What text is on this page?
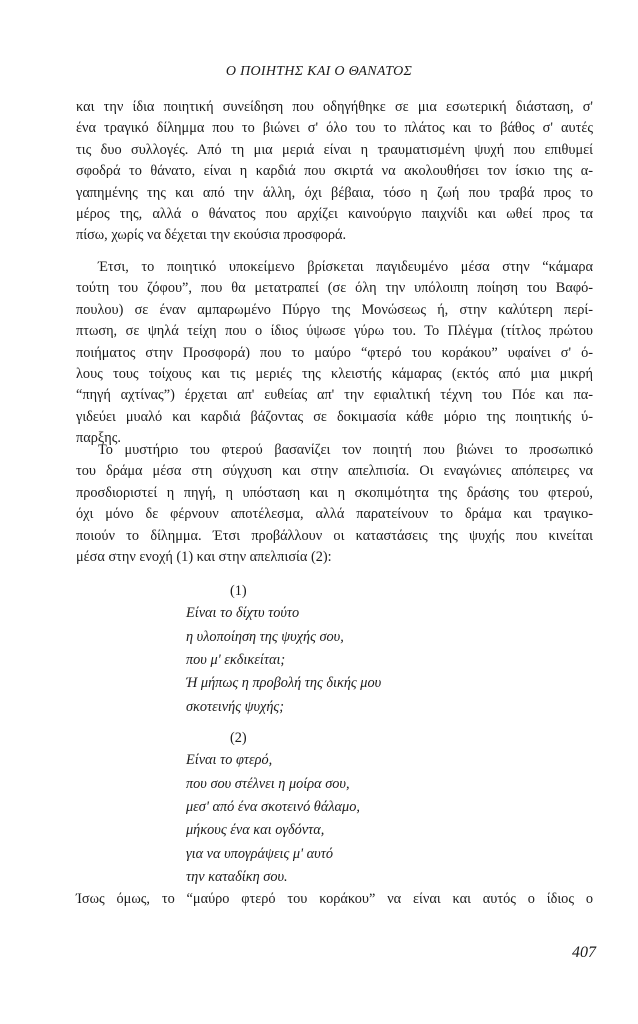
Ο ΠΟΙΗΤΗΣ ΚΑΙ Ο ΘΑΝΑΤΟΣ
και την ίδια ποιητική συνείδηση που οδηγήθηκε σε μια εσωτερική διάσταση, σ'
ένα τραγικό δίλημμα που το βιώνει σ' όλο του το πλάτος και το βάθος σ' αυτές
τις δυο συλλογές. Από τη μια μεριά είναι η τραυματισμένη ψυχή που επιθυμεί
σφοδρά το θάνατο, είναι η καρδιά που σκιρτά να ακολουθήσει τον ίσκιο της α-
γαπημένης της και από την άλλη, όχι βέβαια, τόσο η ζωή που τραβά προς το
μέρος της, αλλά ο θάνατος που αρχίζει καινούργιο παιχνίδι και ωθεί προς τα
πίσω, χωρίς να δέχεται την εκούσια προσφορά.
Έτσι, το ποιητικό υποκείμενο βρίσκεται παγιδευμένο μέσα στην “κάμαρα
τούτη του ζόφου”, που θα μετατραπεί (σε όλη την υπόλοιπη ποίηση του Βαφό-
πουλου) σε έναν αμπαρωμένο Πύργο της Μονώσεως ή, στην καλύτερη περί-
πτωση, σε ψηλά τείχη που ο ίδιος ύψωσε γύρω του. Το Πλέγμα (τίτλος πρώτου
ποιήματος στην Προσφορά) που το μαύρο “φτερό του κοράκου” υφαίνει σ' ό-
λους τους τοίχους και τις μεριές της κλειστής κάμαρας (εκτός από μια μικρή
“πηγή αχτίνας”) έρχεται απ' ευθείας απ' την εφιαλτική τέχνη του Πόε και πα-
γιδεύει μυαλό και καρδιά βάζοντας σε δοκιμασία κάθε μόριο της ποιητικής ύ-
παρξης.
Το μυστήριο του φτερού βασανίζει τον ποιητή που βιώνει το προσωπικό
του δράμα μέσα στη σύγχυση και στην απελπισία. Οι εναγώνιες απόπειρες να
προσδιοριστεί η πηγή, η υπόσταση και η σκοπιμότητα της δράσης του φτερού,
όχι μόνο δε φέρνουν αποτέλεσμα, αλλά παρατείνουν το δράμα και τραγικο-
ποιούν το δίλημμα. Έτσι προβάλλουν οι καταστάσεις της ψυχής που κινείται
μέσα στην ενοχή (1) και στην απελπισία (2):
(1)
Είναι το δίχτυ τούτο
η υλοποίηση της ψυχής σου,
που μ' εκδικείται;
Ή μήπως η προβολή της δικής μου
σκοτεινής ψυχής;
(2)
Είναι το φτερό,
που σου στέλνει η μοίρα σου,
μεσ' από ένα σκοτεινό θάλαμο,
μήκους ένα και ογδόντα,
για να υπογράψεις μ' αυτό
την καταδίκη σου.
Ίσως όμως, το “μαύρο φτερό του κοράκου” να είναι και αυτός ο ίδιος ο
407
